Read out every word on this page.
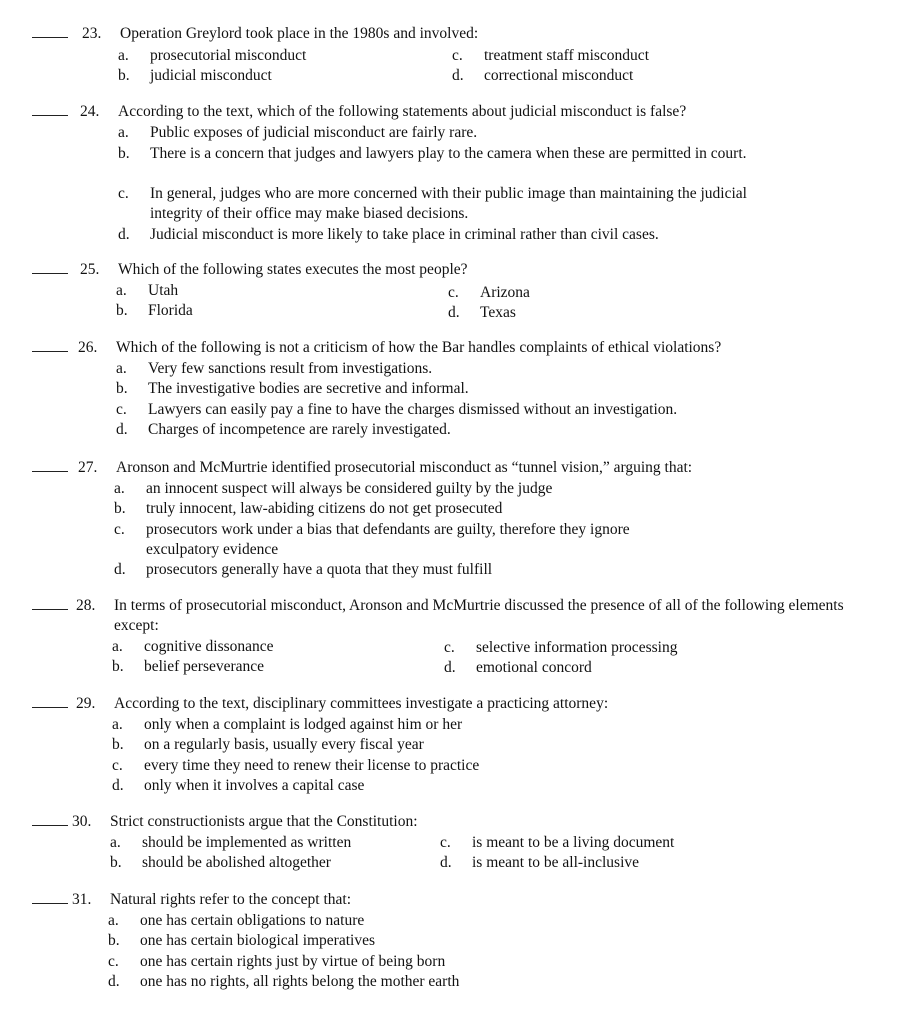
23. Operation Greylord took place in the 1980s and involved:
a. prosecutorial misconduct
b. judicial misconduct
c. treatment staff misconduct
d. correctional misconduct
24. According to the text, which of the following statements about judicial misconduct is false?
a. Public exposes of judicial misconduct are fairly rare.
b. There is a concern that judges and lawyers play to the camera when these are permitted in court.
c. In general, judges who are more concerned with their public image than maintaining the judicial integrity of their office may make biased decisions.
d. Judicial misconduct is more likely to take place in criminal rather than civil cases.
25. Which of the following states executes the most people?
a. Utah
b. Florida
c. Arizona
d. Texas
26. Which of the following is not a criticism of how the Bar handles complaints of ethical violations?
a. Very few sanctions result from investigations.
b. The investigative bodies are secretive and informal.
c. Lawyers can easily pay a fine to have the charges dismissed without an investigation.
d. Charges of incompetence are rarely investigated.
27. Aronson and McMurtrie identified prosecutorial misconduct as “tunnel vision,” arguing that:
a. an innocent suspect will always be considered guilty by the judge
b. truly innocent, law-abiding citizens do not get prosecuted
c. prosecutors work under a bias that defendants are guilty, therefore they ignore exculpatory evidence
d. prosecutors generally have a quota that they must fulfill
28. In terms of prosecutorial misconduct, Aronson and McMurtrie discussed the presence of all of the following elements except:
a. cognitive dissonance
b. belief perseverance
c. selective information processing
d. emotional concord
29. According to the text, disciplinary committees investigate a practicing attorney:
a. only when a complaint is lodged against him or her
b. on a regularly basis, usually every fiscal year
c. every time they need to renew their license to practice
d. only when it involves a capital case
30. Strict constructionists argue that the Constitution:
a. should be implemented as written
b. should be abolished altogether
c. is meant to be a living document
d. is meant to be all-inclusive
31. Natural rights refer to the concept that:
a. one has certain obligations to nature
b. one has certain biological imperatives
c. one has certain rights just by virtue of being born
d. one has no rights, all rights belong the mother earth
